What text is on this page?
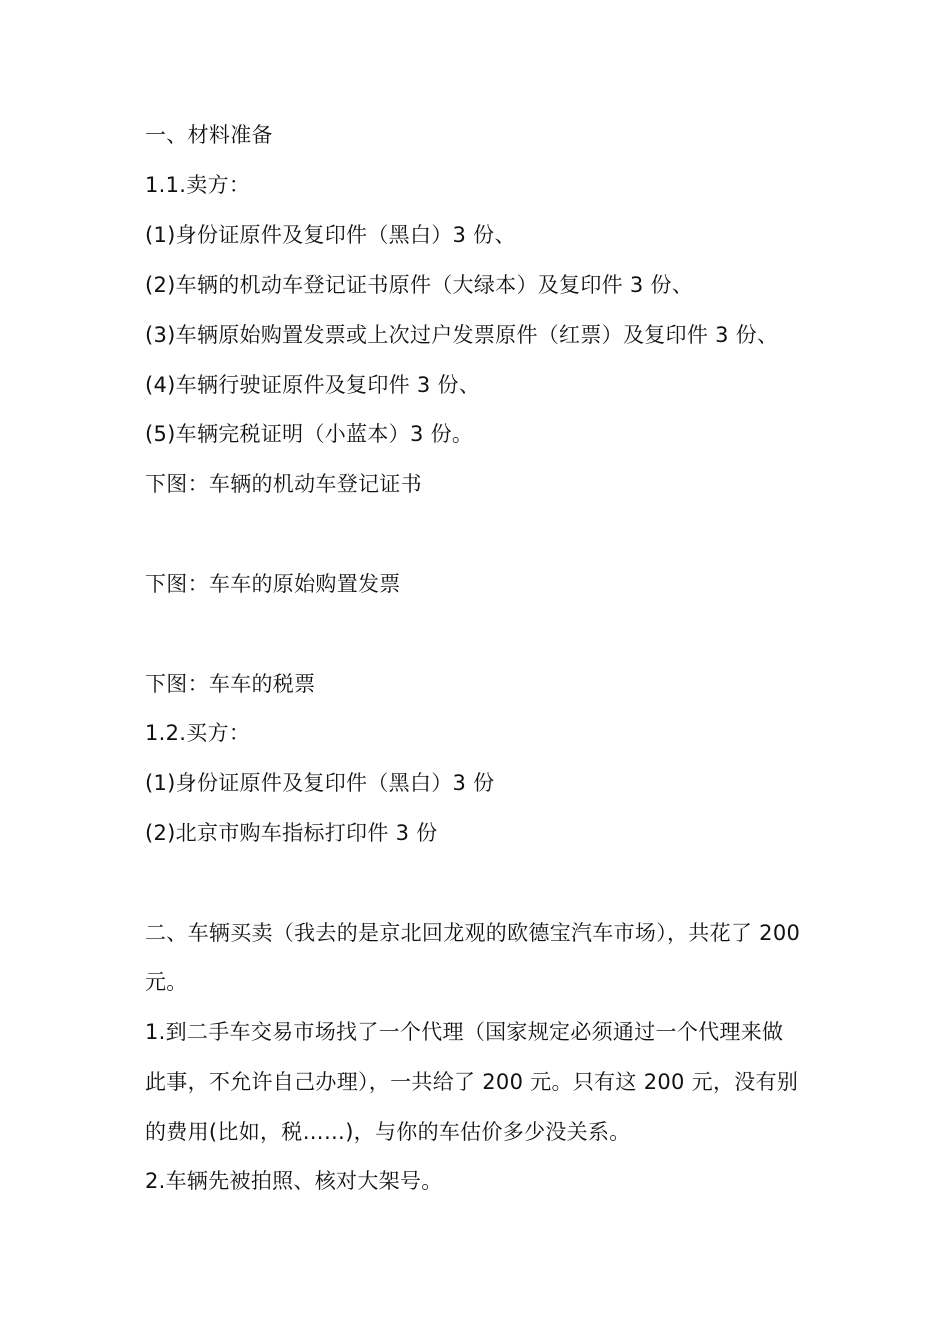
一、材料准备
1.1.卖方：
(1)身份证原件及复印件（黑白）3 份、
(2)车辆的机动车登记证书原件（大绿本）及复印件 3 份、
(3)车辆原始购置发票或上次过户发票原件（红票）及复印件 3 份、
(4)车辆行驶证原件及复印件 3 份、
(5)车辆完税证明（小蓝本）3 份。
下图：车辆的机动车登记证书
下图：车车的原始购置发票
下图：车车的税票
1.2.买方：
(1)身份证原件及复印件（黑白）3 份
(2)北京市购车指标打印件 3 份
二、车辆买卖（我去的是京北回龙观的欧德宝汽车市场），共花了 200
元。
1.到二手车交易市场找了一个代理（国家规定必须通过一个代理来做
此事，不允许自己办理），一共给了 200 元。只有这 200 元，没有别
的费用(比如，税……)，与你的车估价多少没关系。
2.车辆先被拍照、核对大架号。
